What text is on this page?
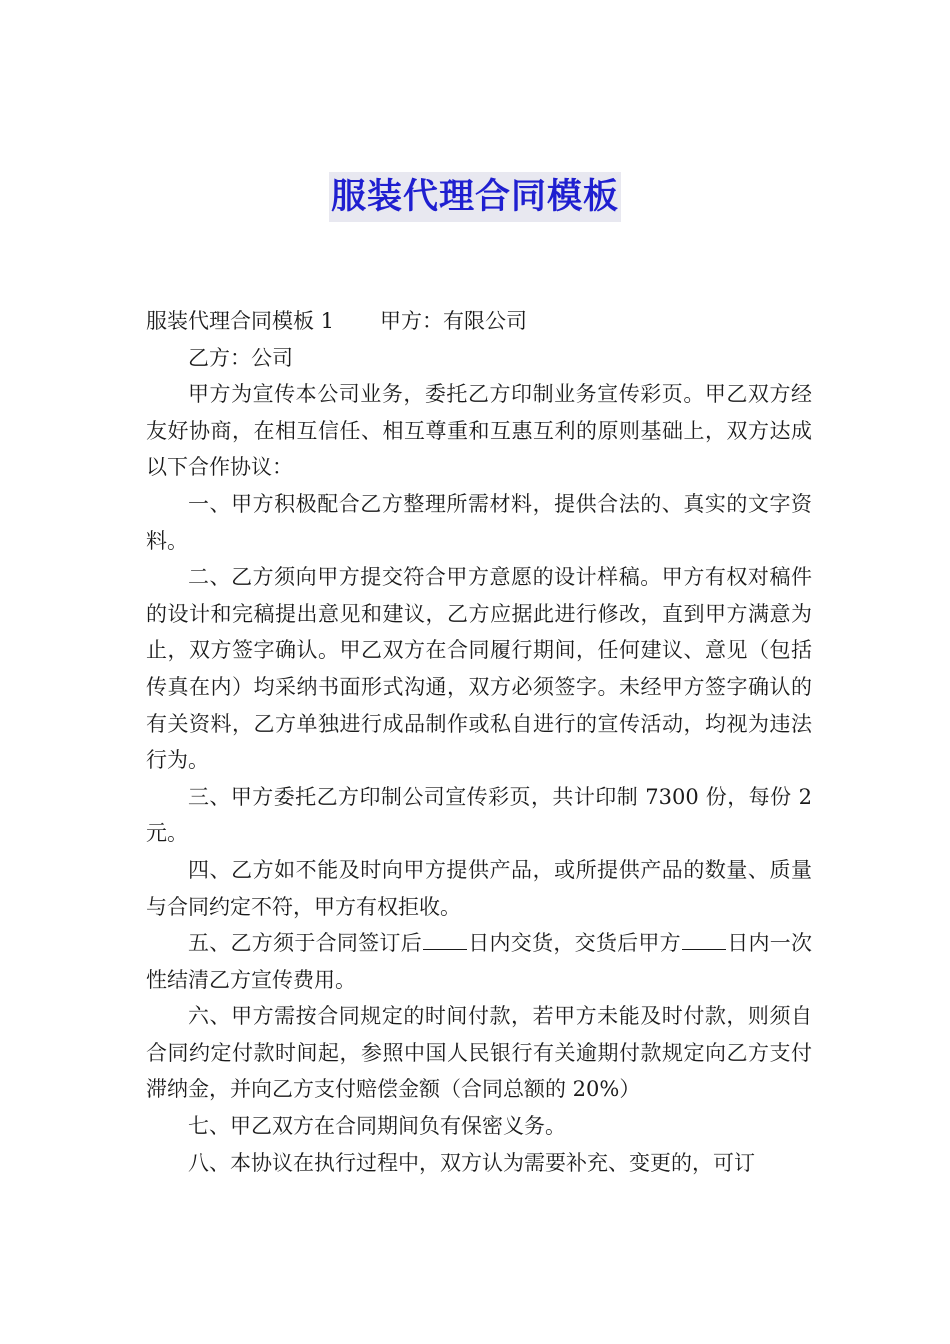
服装代理合同模板

服装代理合同模板 1 甲方：有限公司

乙方：公司

甲方为宣传本公司业务，委托乙方印制业务宣传彩页。甲乙双方经友好协商，在相互信任、相互尊重和互惠互利的原则基础上，双方达成以下合作协议：

一、甲方积极配合乙方整理所需材料，提供合法的、真实的文字资料。

二、乙方须向甲方提交符合甲方意愿的设计样稿。甲方有权对稿件的设计和完稿提出意见和建议，乙方应据此进行修改，直到甲方满意为止，双方签字确认。甲乙双方在合同履行期间，任何建议、意见（包括传真在内）均采纳书面形式沟通，双方必须签字。未经甲方签字确认的有关资料，乙方单独进行成品制作或私自进行的宣传活动，均视为违法行为。

三、甲方委托乙方印制公司宣传彩页，共计印制 7300 份，每份 2 元。

四、乙方如不能及时向甲方提供产品，或所提供产品的数量、质量与合同约定不符，甲方有权拒收。

五、乙方须于合同签订后 日内交货，交货后甲方 日内一次性结清乙方宣传费用。

六、甲方需按合同规定的时间付款，若甲方未能及时付款，则须自合同约定付款时间起，参照中国人民银行有关逾期付款规定向乙方支付滞纳金，并向乙方支付赔偿金额（合同总额的 20%）

七、甲乙双方在合同期间负有保密义务。

八、本协议在执行过程中，双方认为需要补充、变更的，可订
